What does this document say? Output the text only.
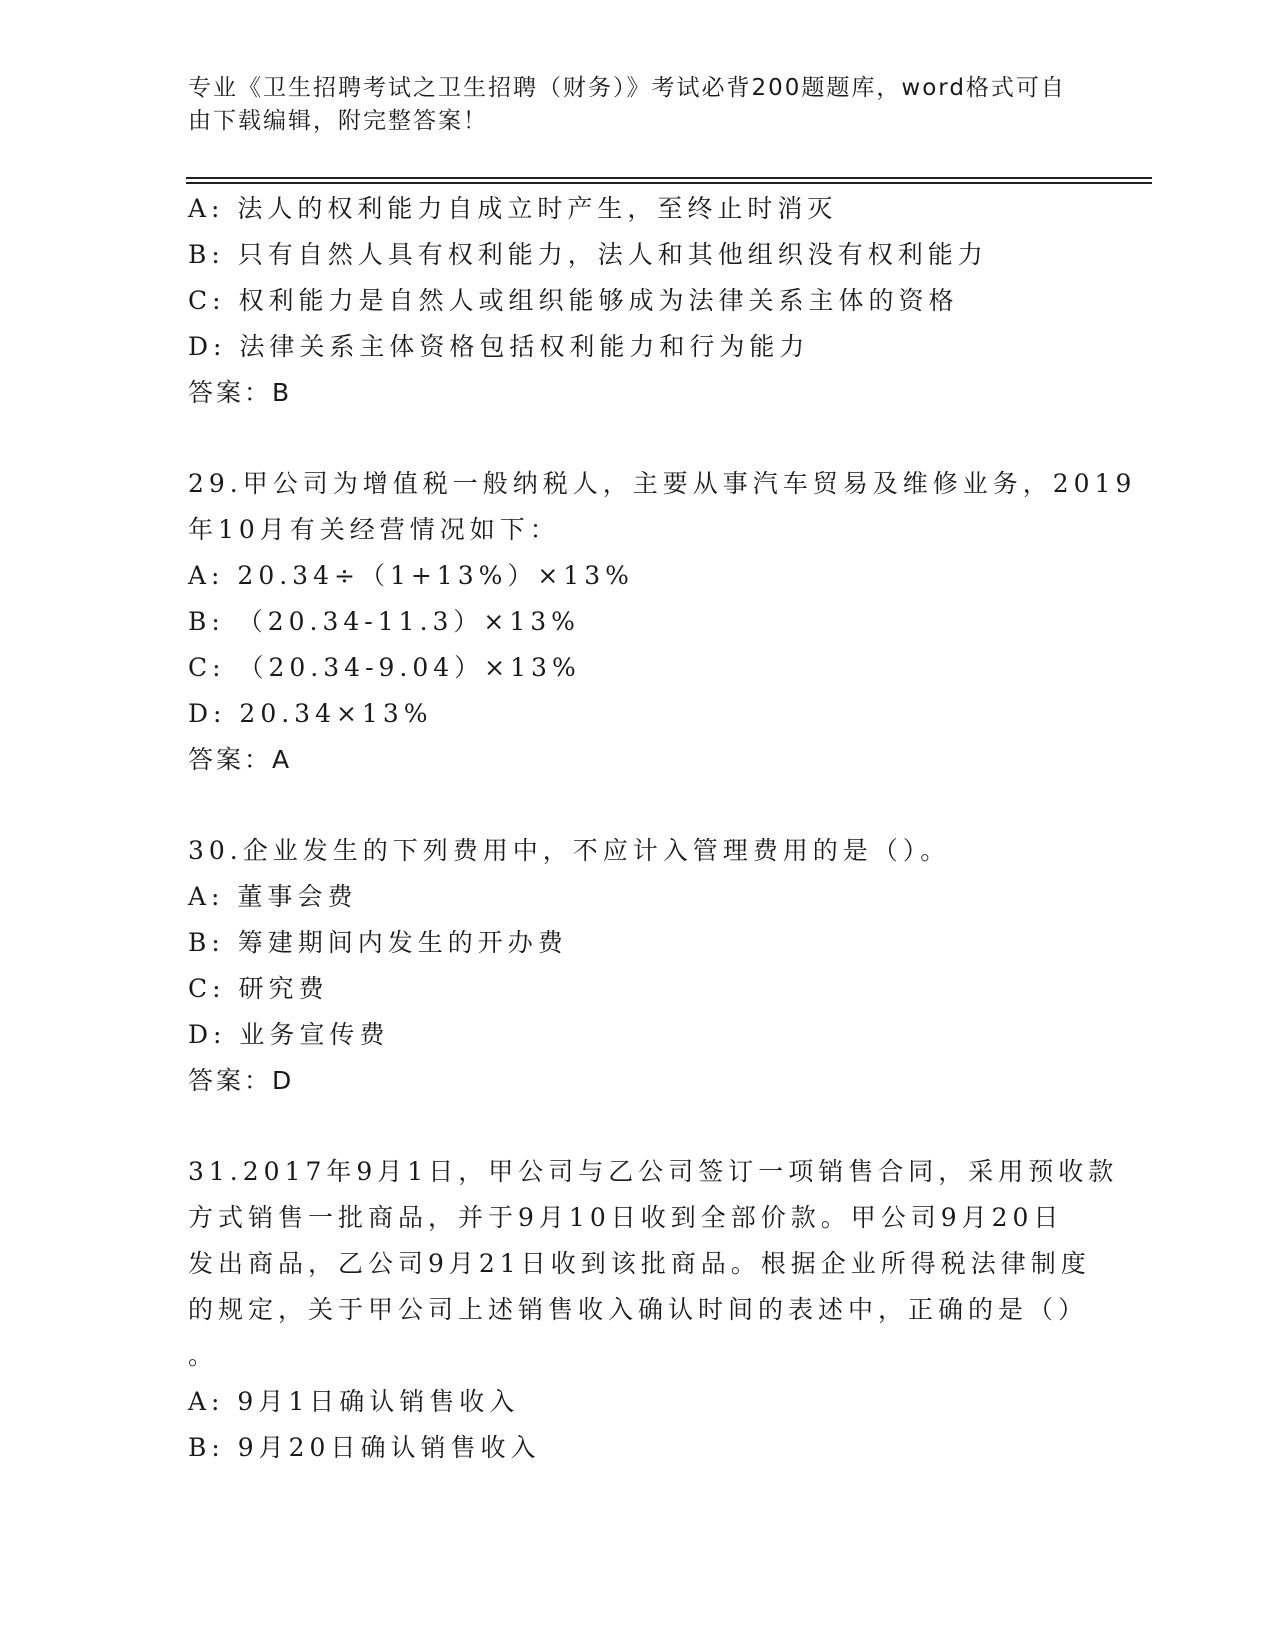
专业《卫生招聘考试之卫生招聘（财务）》考试必背200题题库，word格式可自
由下载编辑，附完整答案！
A: 法人的权利能力自成立时产生，至终止时消灭
B: 只有自然人具有权利能力，法人和其他组织没有权利能力
C: 权利能力是自然人或组织能够成为法律关系主体的资格
D: 法律关系主体资格包括权利能力和行为能力
答案：B
29.甲公司为增值税一般纳税人，主要从事汽车贸易及维修业务，2019
年10月有关经营情况如下：
A: 20.34÷（1+13%）×13%
B: （20.34-11.3）×13%
C: （20.34-9.04）×13%
D: 20.34×13%
答案：A
30.企业发生的下列费用中，不应计入管理费用的是（）。
A: 董事会费
B: 筹建期间内发生的开办费
C: 研究费
D: 业务宣传费
答案：D
31.2017年9月1日，甲公司与乙公司签订一项销售合同，采用预收款
方式销售一批商品，并于9月10日收到全部价款。甲公司9月20日
发出商品，乙公司9月21日收到该批商品。根据企业所得税法律制度
的规定，关于甲公司上述销售收入确认时间的表述中，正确的是（）
。
A: 9月1日确认销售收入
B: 9月20日确认销售收入
